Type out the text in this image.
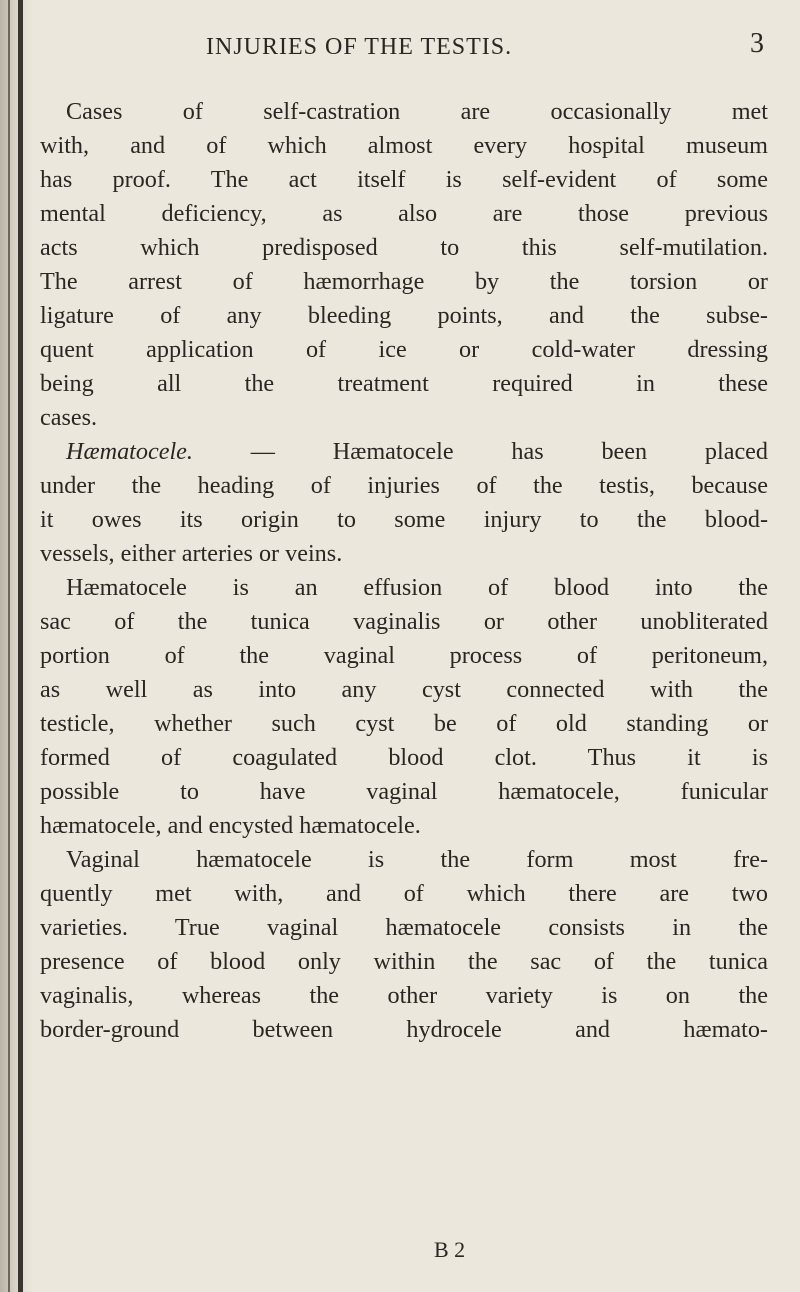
INJURIES OF THE TESTIS.	3
Cases of self-castration are occasionally met
with, and of which almost every hospital museum
has proof. The act itself is self-evident of some
mental deficiency, as also are those previous
acts which predisposed to this self-mutilation.
The arrest of hæmorrhage by the torsion or
ligature of any bleeding points, and the subse-
quent application of ice or cold-water dressing
being all the treatment required in these
cases.
Hæmatocele. — Hæmatocele has been placed
under the heading of injuries of the testis, because
it owes its origin to some injury to the blood-
vessels, either arteries or veins.
Hæmatocele is an effusion of blood into the
sac of the tunica vaginalis or other unobliterated
portion of the vaginal process of peritoneum,
as well as into any cyst connected with the
testicle, whether such cyst be of old standing or
formed of coagulated blood clot. Thus it is
possible to have vaginal hæmatocele, funicular
hæmatocele, and encysted hæmatocele.
Vaginal hæmatocele is the form most fre-
quently met with, and of which there are two
varieties. True vaginal hæmatocele consists in the
presence of blood only within the sac of the tunica
vaginalis, whereas the other variety is on the
border-ground between hydrocele and hæmato-
B 2
